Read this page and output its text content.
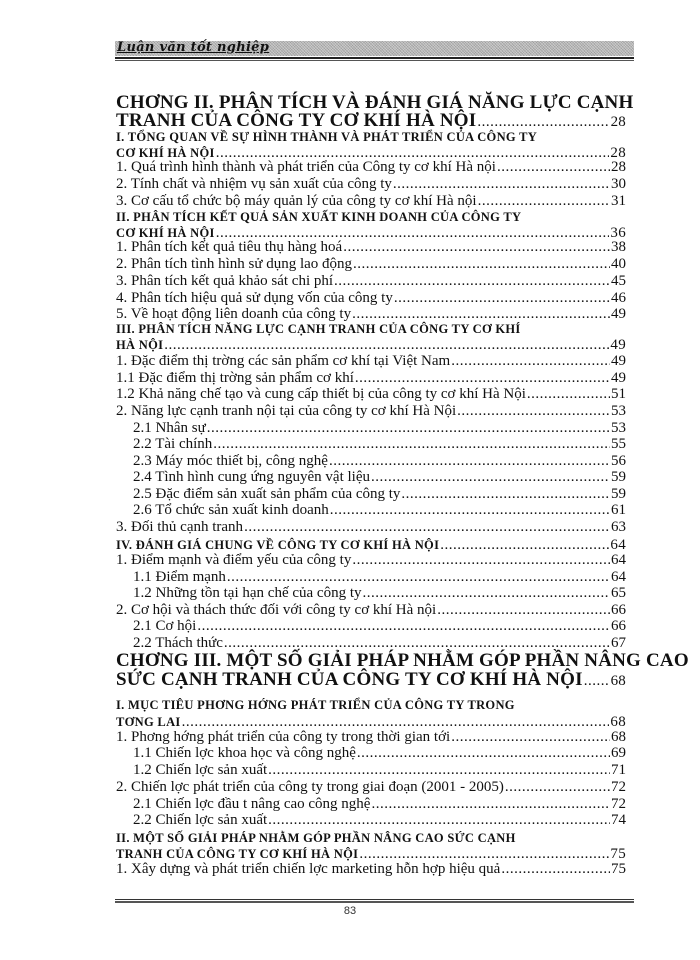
Luận văn tốt nghiệp
CHƠNG II. PHÂN TÍCH VÀ ĐÁNH GIÁ NĂNG LỰC CẠNH
TRANH CỦA CÔNG TY CƠ KHÍ HÀ NỘI .....	28
I. TỔNG QUAN VỀ SỰ HÌNH THÀNH VÀ PHÁT TRIỂN CỦA CÔNG TY
CƠ KHÍ HÀ NỘI .....	28
1. Quá trình hình thành và phát triển của Công ty cơ khí Hà nội .....	28
2. Tính chất và nhiệm vụ sản xuất của công ty .....	30
3. Cơ cấu tổ chức bộ máy quản lý của công ty cơ khí Hà nội .....	31
II. PHÂN TÍCH KẾT QUẢ SẢN XUẤT KINH DOANH CỦA CÔNG TY
CƠ KHÍ HÀ NỘI .....	36
1. Phân tích kết quả tiêu thụ hàng hoá .....	38
2. Phân tích tình hình sử dụng lao động .....	40
3. Phân tích kết quả khảo sát chi phí .....	45
4. Phân tích hiệu quả sử dụng vốn của công ty .....	46
5. Về hoạt động liên doanh của công ty .....	49
III. PHÂN TÍCH NĂNG LỰC CẠNH TRANH CỦA CÔNG TY CƠ KHÍ
HÀ NỘI .....	49
1. Đặc điểm thị trờng các sản phẩm cơ khí tại Việt Nam .....	49
1.1 Đặc điểm thị trờng sản phẩm cơ khí .....	49
1.2 Khả năng chế tạo và cung cấp thiết bị của công ty cơ khí Hà Nội .....	51
2. Năng lực cạnh tranh nội tại của công ty cơ khí Hà Nội .....	53
2.1 Nhân sự .....	53
2.2 Tài chính .....	55
2.3 Máy móc thiết bị, công nghệ .....	56
2.4 Tình hình cung ứng nguyên vật liệu .....	59
2.5 Đặc điểm sản xuất sản phẩm của công ty .....	59
2.6 Tổ chức sản xuất kinh doanh .....	61
3. Đối thủ cạnh tranh .....	63
IV. ĐÁNH GIÁ CHUNG VỀ CÔNG TY CƠ KHÍ HÀ NỘI .....	64
1. Điểm mạnh và điểm yếu của công ty .....	64
1.1 Điểm mạnh .....	64
1.2 Những tồn tại hạn chế của công ty .....	65
2. Cơ hội và thách thức đối với công ty cơ khí Hà nội .....	66
2.1 Cơ hội .....	66
2.2 Thách thức .....	67
CHƠNG III. MỘT SỐ GIẢI PHÁP NHẰM GÓP PHẦN NÂNG CAO
SỨC CẠNH TRANH CỦA CÔNG TY CƠ KHÍ HÀ NỘI ..... 68
I. MỤC TIÊU PHƠNG HỚNG PHÁT TRIỂN CỦA CÔNG TY TRONG
TƠNG LAI .....	68
1. Phơng hớng phát triển của công ty trong thời gian tới .....	68
1.1 Chiến lợc khoa học và công nghệ .....	69
1.2 Chiến lợc sản xuất .....	71
2. Chiến lợc phát triển của công ty trong giai đoạn (2001 - 2005) .....	72
2.1 Chiến lợc đầu t nâng cao công nghệ .....	72
2.2 Chiến lợc sản xuất .....	74
II. MỘT SỐ GIẢI PHÁP NHẰM GÓP PHẦN NÂNG CAO SỨC CẠNH
TRANH CỦA CÔNG TY CƠ KHÍ HÀ NỘI .....	75
1. Xây dựng và phát triển chiến lợc marketing hỗn hợp hiệu quả .....	75
83
